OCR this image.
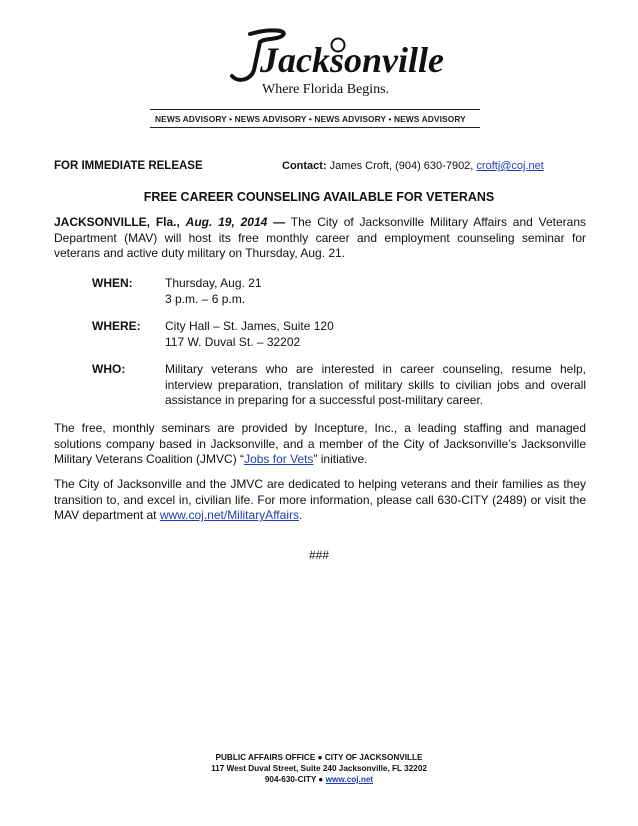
Jacksonville
Where Florida Begins.
NEWS ADVISORY • NEWS ADVISORY • NEWS ADVISORY • NEWS ADVISORY
FOR IMMEDIATE RELEASE	Contact: James Croft, (904) 630-7902, croftj@coj.net
FREE CAREER COUNSELING AVAILABLE FOR VETERANS
JACKSONVILLE, Fla., Aug. 19, 2014 — The City of Jacksonville Military Affairs and Veterans Department (MAV) will host its free monthly career and employment counseling seminar for veterans and active duty military on Thursday, Aug. 21.
WHEN:	Thursday, Aug. 21
3 p.m. – 6 p.m.
WHERE: City Hall – St. James, Suite 120
117 W. Duval St. – 32202
WHO:	Military veterans who are interested in career counseling, resume help, interview preparation, translation of military skills to civilian jobs and overall assistance in preparing for a successful post-military career.
The free, monthly seminars are provided by Incepture, Inc., a leading staffing and managed solutions company based in Jacksonville, and a member of the City of Jacksonville’s Jacksonville Military Veterans Coalition (JMVC) “Jobs for Vets” initiative.
The City of Jacksonville and the JMVC are dedicated to helping veterans and their families as they transition to, and excel in, civilian life. For more information, please call 630-CITY (2489) or visit the MAV department at www.coj.net/MilitaryAffairs.
###
PUBLIC AFFAIRS OFFICE ● CITY OF JACKSONVILLE
117 West Duval Street, Suite 240 Jacksonville, FL 32202
904-630-CITY ● www.coj.net
